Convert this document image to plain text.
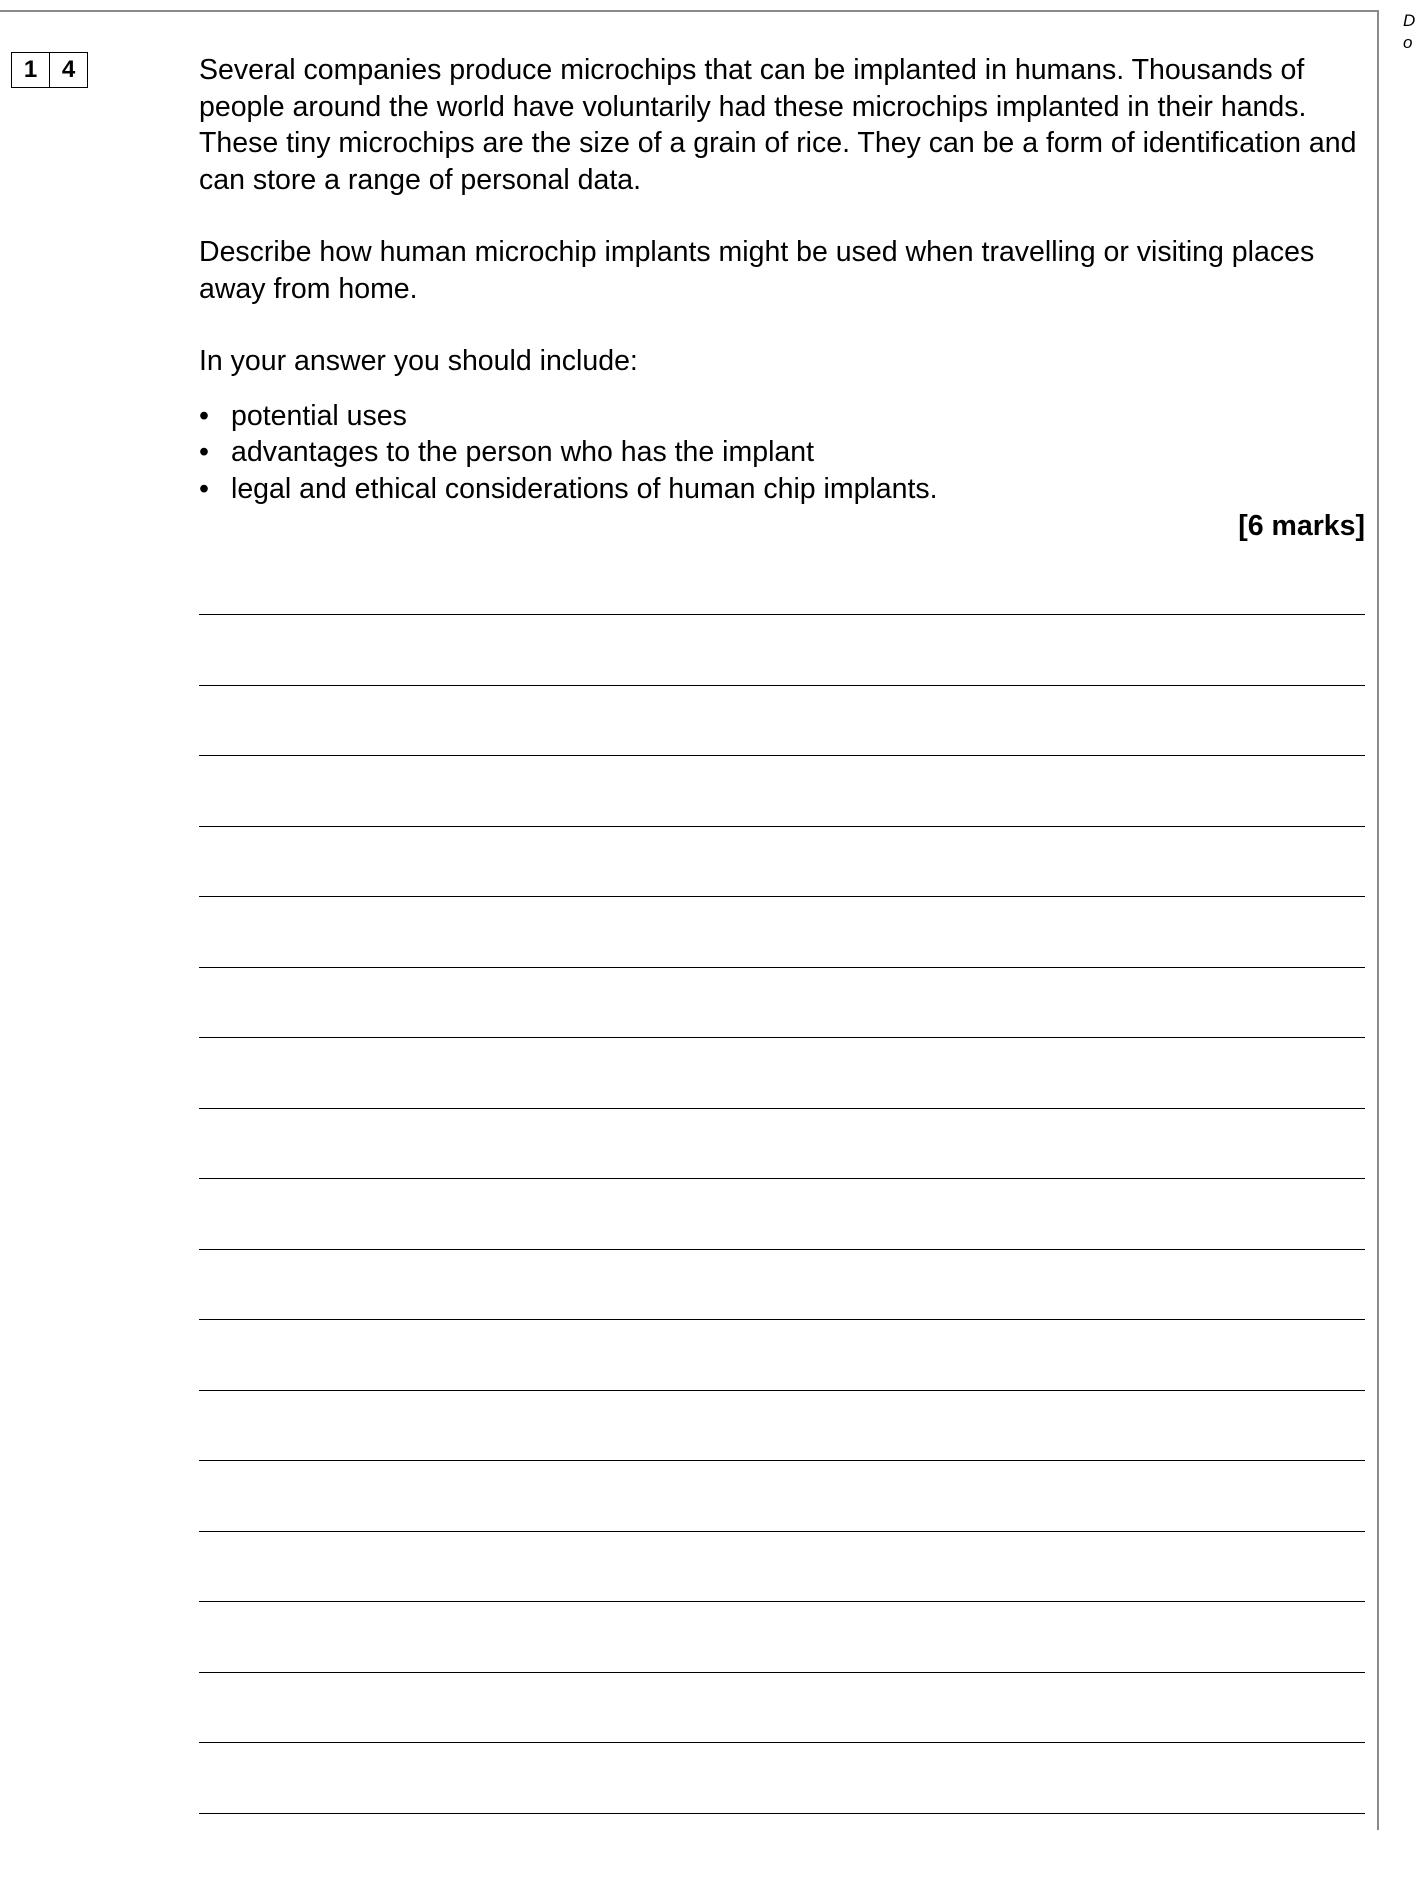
D
o
1	4	Several companies produce microchips that can be implanted in humans. Thousands of people around the world have voluntarily had these microchips implanted in their hands. These tiny microchips are the size of a grain of rice. They can be a form of identification and can store a range of personal data.

Describe how human microchip implants might be used when travelling or visiting places away from home.

In your answer you should include:

• potential uses
• advantages to the person who has the implant
• legal and ethical considerations of human chip implants.
[6 marks]
